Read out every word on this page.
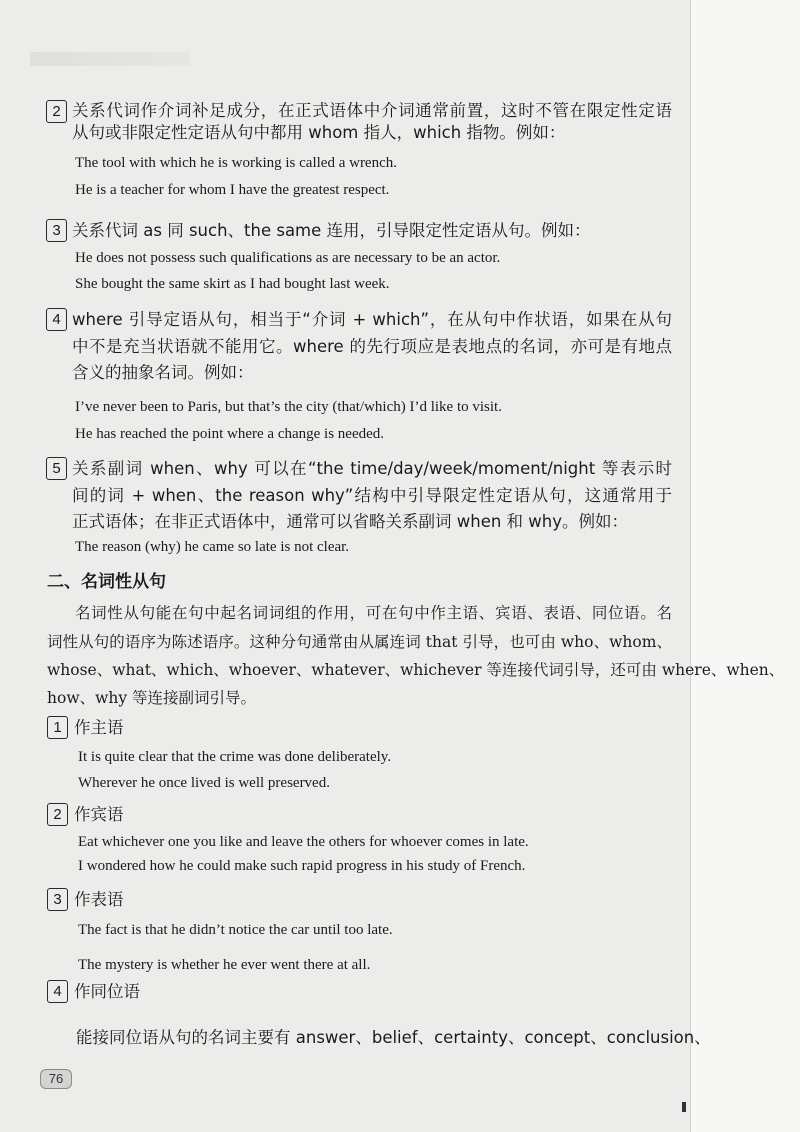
2 关系代词作介词补足成分，在正式语体中介词通常前置，这时不管在限定性定语
从句或非限定性定语从句中都用 whom 指人，which 指物。例如：
The tool with which he is working is called a wrench.
He is a teacher for whom I have the greatest respect.
3 关系代词 as 同 such、the same 连用，引导限定性定语从句。例如：
He does not possess such qualifications as are necessary to be an actor.
She bought the same skirt as I had bought last week.
4 where 引导定语从句，相当于“介词 + which”，在从句中作状语，如果在从句
中不是充当状语就不能用它。where 的先行项应是表地点的名词，亦可是有地点
含义的抽象名词。例如：
I’ve never been to Paris, but that’s the city (that/which) I’d like to visit.
He has reached the point where a change is needed.
5 关系副词 when、why 可以在“the time/day/week/moment/night 等表示时
间的词 + when、the reason why”结构中引导限定性定语从句，这通常用于
正式语体；在非正式语体中，通常可以省略关系副词 when 和 why。例如：
The reason (why) he came so late is not clear.
二、名词性从句
名词性从句能在句中起名词词组的作用，可在句中作主语、宾语、表语、同位语。名
词性从句的语序为陈述语序。这种分句通常由从属连词 that 引导，也可由 who、whom、
whose、what、which、whoever、whatever、whichever 等连接代词引导，还可由 where、when、
how、why 等连接副词引导。
1 作主语
It is quite clear that the crime was done deliberately.
Wherever he once lived is well preserved.
2 作宾语
Eat whichever one you like and leave the others for whoever comes in late.
I wondered how he could make such rapid progress in his study of French.
3 作表语
The fact is that he didn’t notice the car until too late.
The mystery is whether he ever went there at all.
4 作同位语
能接同位语从句的名词主要有 answer、belief、certainty、concept、conclusion、
76
